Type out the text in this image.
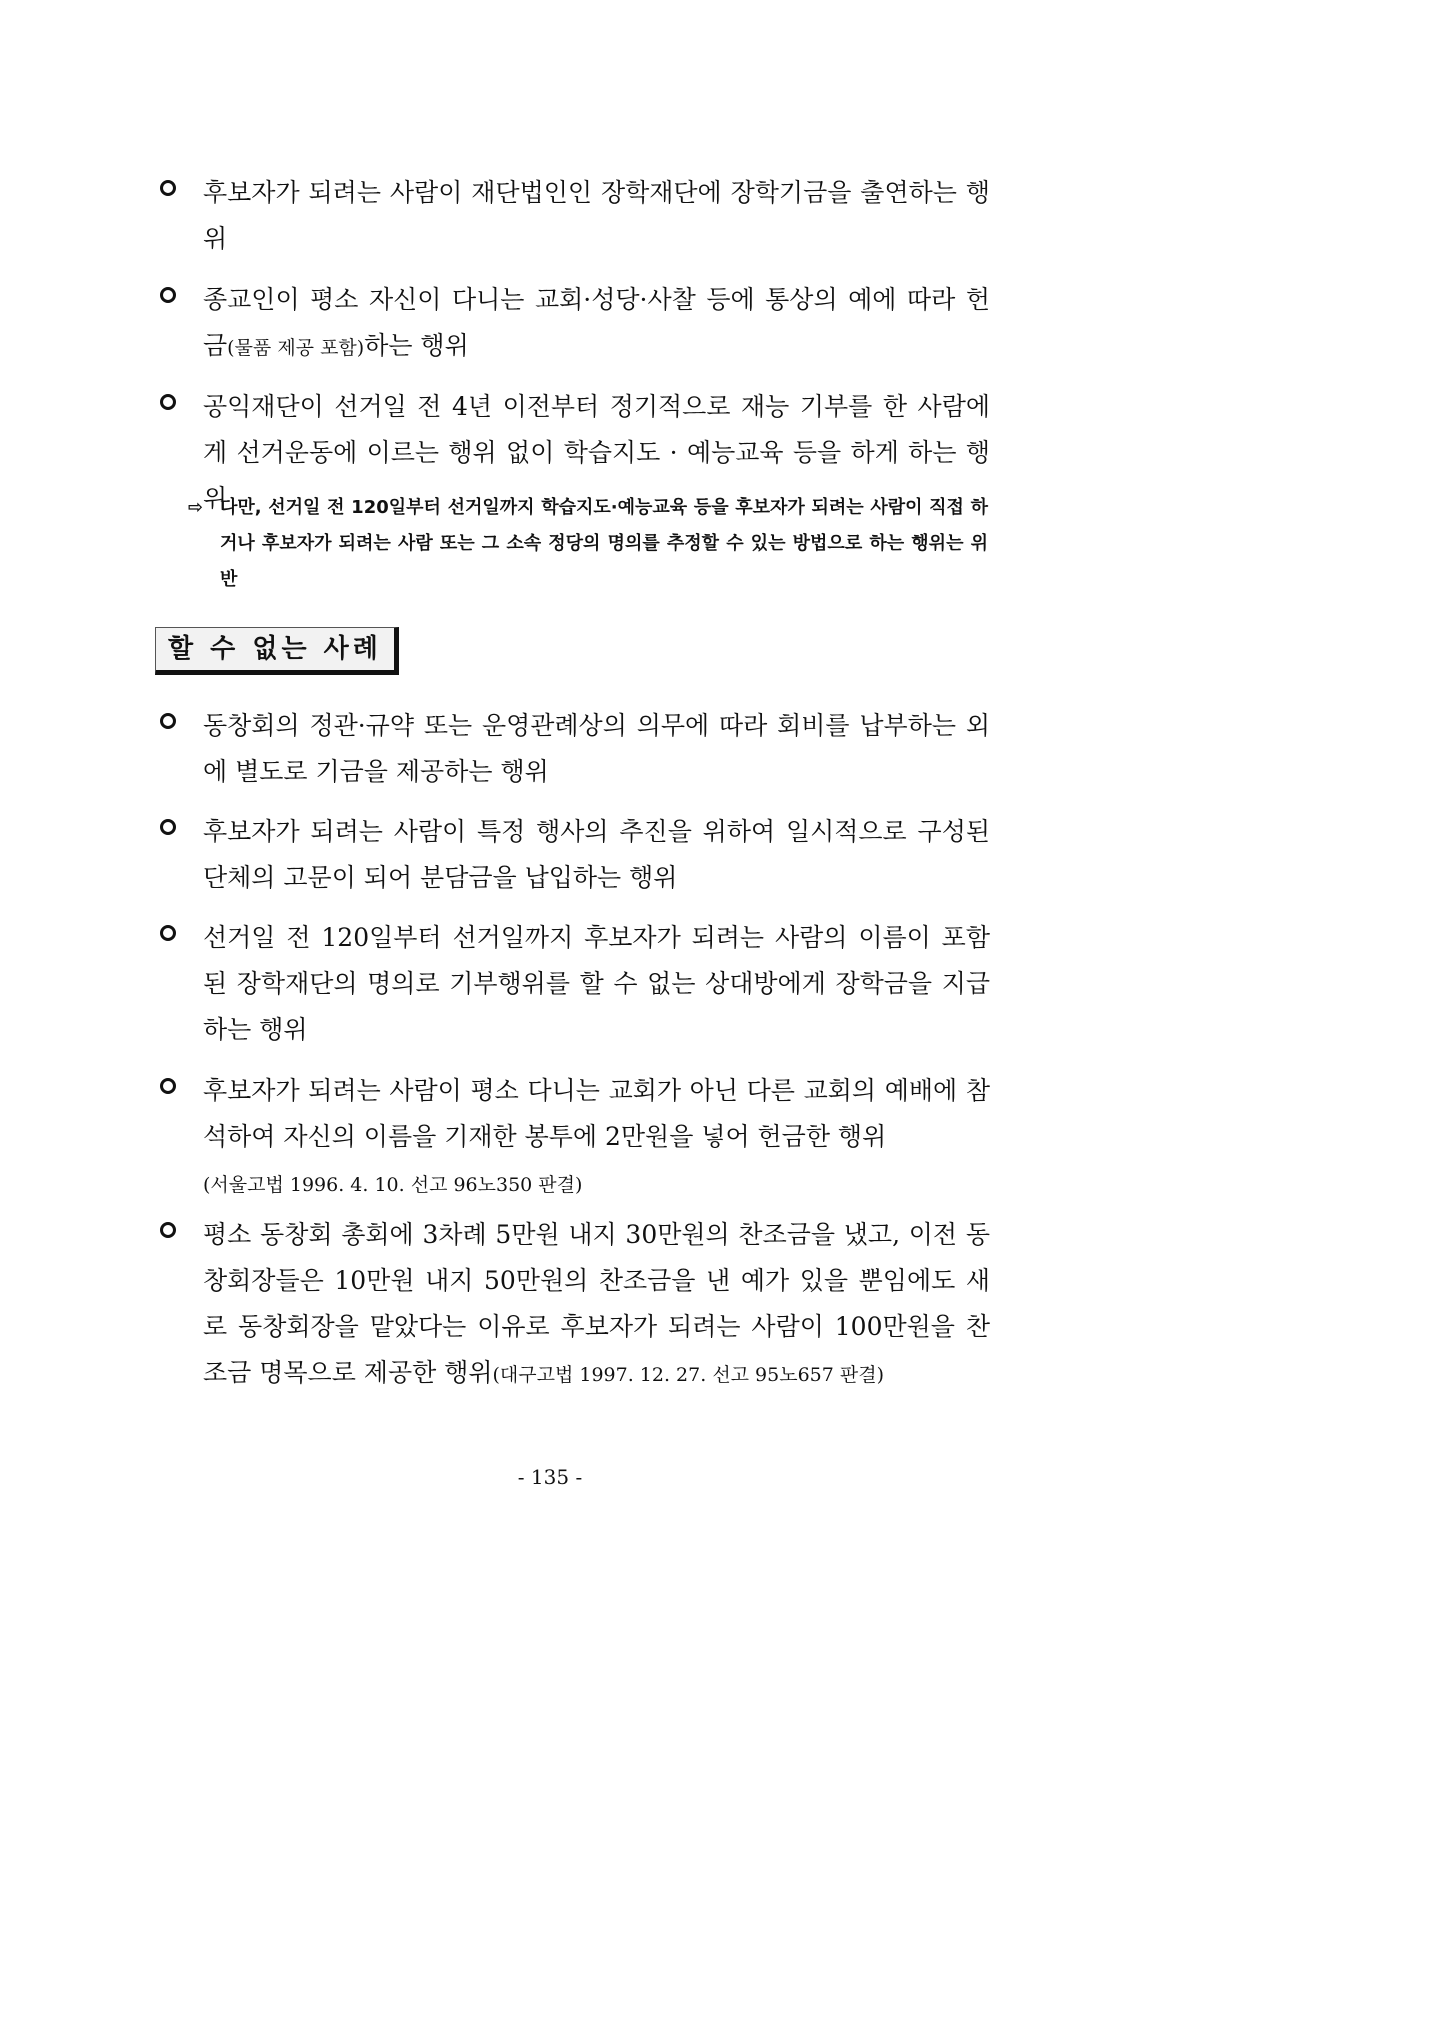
후보자가 되려는 사람이 재단법인인 장학재단에 장학기금을 출연하는 행위
종교인이 평소 자신이 다니는 교회·성당·사찰 등에 통상의 예에 따라 헌금(물품 제공 포함)하는 행위
공익재단이 선거일 전 4년 이전부터 정기적으로 재능 기부를 한 사람에게 선거운동에 이르는 행위 없이 학습지도 · 예능교육 등을 하게 하는 행위
⇨ 다만, 선거일 전 120일부터 선거일까지 학습지도·예능교육 등을 후보자가 되려는 사람이 직접 하거나 후보자가 되려는 사람 또는 그 소속 정당의 명의를 추정할 수 있는 방법으로 하는 행위는 위반
할 수 없는 사례
동창회의 정관·규약 또는 운영관례상의 의무에 따라 회비를 납부하는 외에 별도로 기금을 제공하는 행위
후보자가 되려는 사람이 특정 행사의 추진을 위하여 일시적으로 구성된 단체의 고문이 되어 분담금을 납입하는 행위
선거일 전 120일부터 선거일까지 후보자가 되려는 사람의 이름이 포함된 장학재단의 명의로 기부행위를 할 수 없는 상대방에게 장학금을 지급하는 행위
후보자가 되려는 사람이 평소 다니는 교회가 아닌 다른 교회의 예배에 참석하여 자신의 이름을 기재한 봉투에 2만원을 넣어 헌금한 행위
(서울고법 1996. 4. 10. 선고 96노350 판결)
평소 동창회 총회에 3차례 5만원 내지 30만원의 찬조금을 냈고, 이전 동창회장들은 10만원 내지 50만원의 찬조금을 낸 예가 있을 뿐임에도 새로 동창회장을 맡았다는 이유로 후보자가 되려는 사람이 100만원을 찬조금 명목으로 제공한 행위(대구고법 1997. 12. 27. 선고 95노657 판결)
- 135 -
